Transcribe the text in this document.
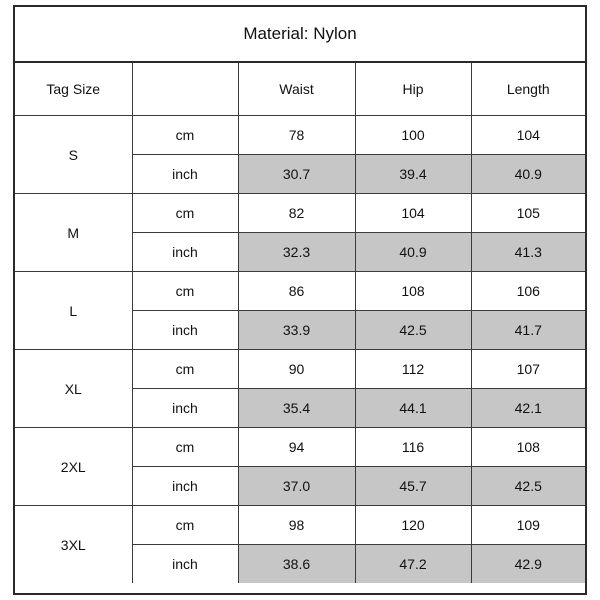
Material: Nylon
Tag Size		Waist	Hip	Length
S	cm	78	100	104
	inch	30.7	39.4	40.9
M	cm	82	104	105
	inch	32.3	40.9	41.3
L	cm	86	108	106
	inch	33.9	42.5	41.7
XL	cm	90	112	107
	inch	35.4	44.1	42.1
2XL	cm	94	116	108
	inch	37.0	45.7	42.5
3XL	cm	98	120	109
	inch	38.6	47.2	42.9
